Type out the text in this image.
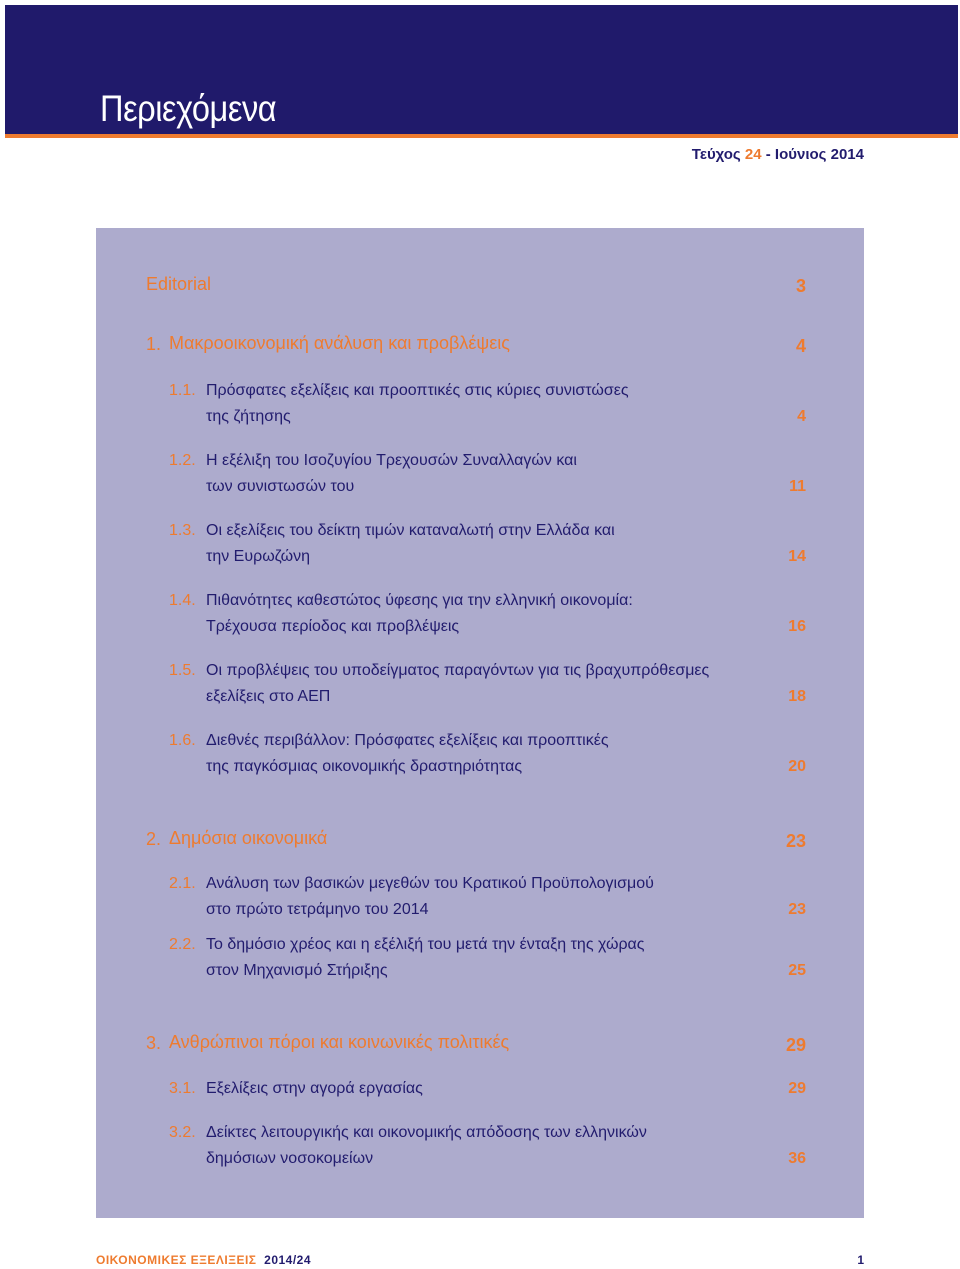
Περιεχόμενα
Τεύχος 24 - Ιούνιος 2014
Editorial	3
1. Μακροοικονομική ανάλυση και προβλέψεις	4
1.1. Πρόσφατες εξελίξεις και προοπτικές στις κύριες συνιστώσες
της ζήτησης	4
1.2. Η εξέλιξη του Ισοζυγίου Τρεχουσών Συναλλαγών και
των συνιστωσών του	11
1.3. Οι εξελίξεις του δείκτη τιμών καταναλωτή στην Ελλάδα και
την Ευρωζώνη	14
1.4. Πιθανότητες καθεστώτος ύφεσης για την ελληνική οικονομία:
Τρέχουσα περίοδος και προβλέψεις	16
1.5. Οι προβλέψεις του υποδείγματος παραγόντων για τις βραχυπρόθεσμες
εξελίξεις στο ΑΕΠ	18
1.6. Διεθνές περιβάλλον: Πρόσφατες εξελίξεις και προοπτικές
της παγκόσμιας οικονομικής δραστηριότητας	20
2. Δημόσια οικονομικά	23
2.1. Ανάλυση των βασικών μεγεθών του Κρατικού Προϋπολογισμού
στο πρώτο τετράμηνο του 2014	23
2.2. Το δημόσιο χρέος και η εξέλιξή του μετά την ένταξη της χώρας
στον Μηχανισμό Στήριξης	25
3. Ανθρώπινοι πόροι και κοινωνικές πολιτικές	29
3.1. Εξελίξεις στην αγορά εργασίας	29
3.2. Δείκτες λειτουργικής και οικονομικής απόδοσης των ελληνικών
δημόσιων νοσοκομείων	36
ΟΙΚΟΝΟΜΙΚΕΣ ΕΞΕΛΙΞΕΙΣ 2014/24	1
